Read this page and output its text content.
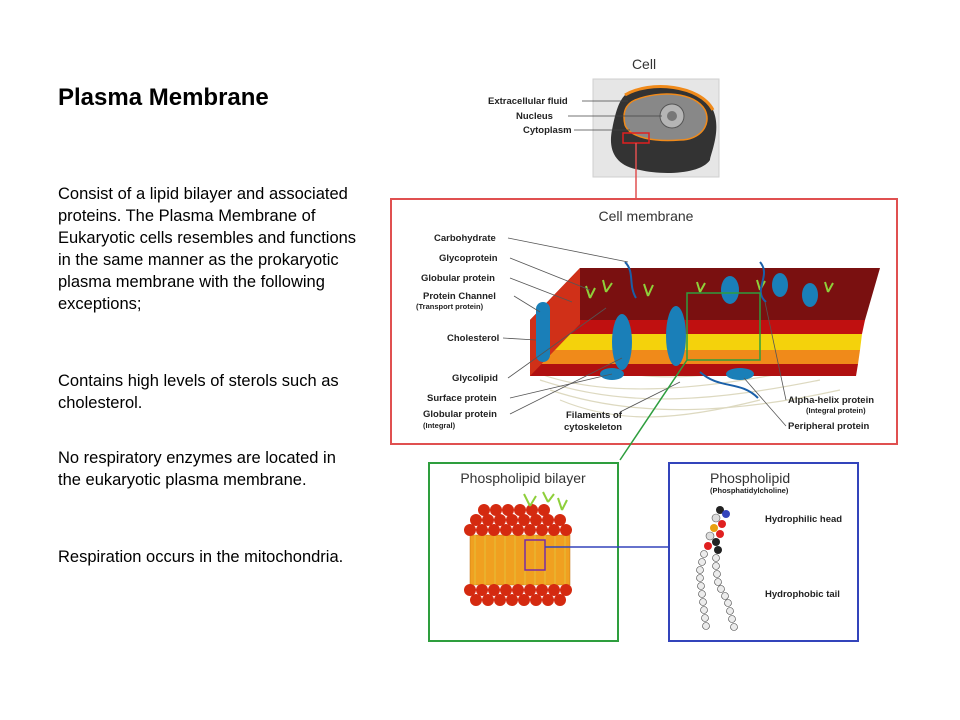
Plasma Membrane

Consist of a lipid bilayer and associated proteins. The Plasma Membrane of Eukaryotic cells resembles and functions in the same manner as the prokaryotic plasma membrane with the following exceptions;

Contains high levels of sterols such as cholesterol.

No respiratory enzymes are located in the eukaryotic plasma membrane.

Respiration occurs in the mitochondria.

Cell
Extracellular fluid
Nucleus
Cytoplasm
Cell membrane
Carbohydrate
Glycoprotein
Globular protein
Protein Channel
(Transport protein)
Cholesterol
Glycolipid
Surface protein
Globular protein
(Integral)
Filaments of
cytoskeleton
Alpha-helix protein
(Integral protein)
Peripheral protein
Phospholipid bilayer	Phospholipid
(Phosphatidylcholine)
Hydrophilic head
Hydrophobic tail
